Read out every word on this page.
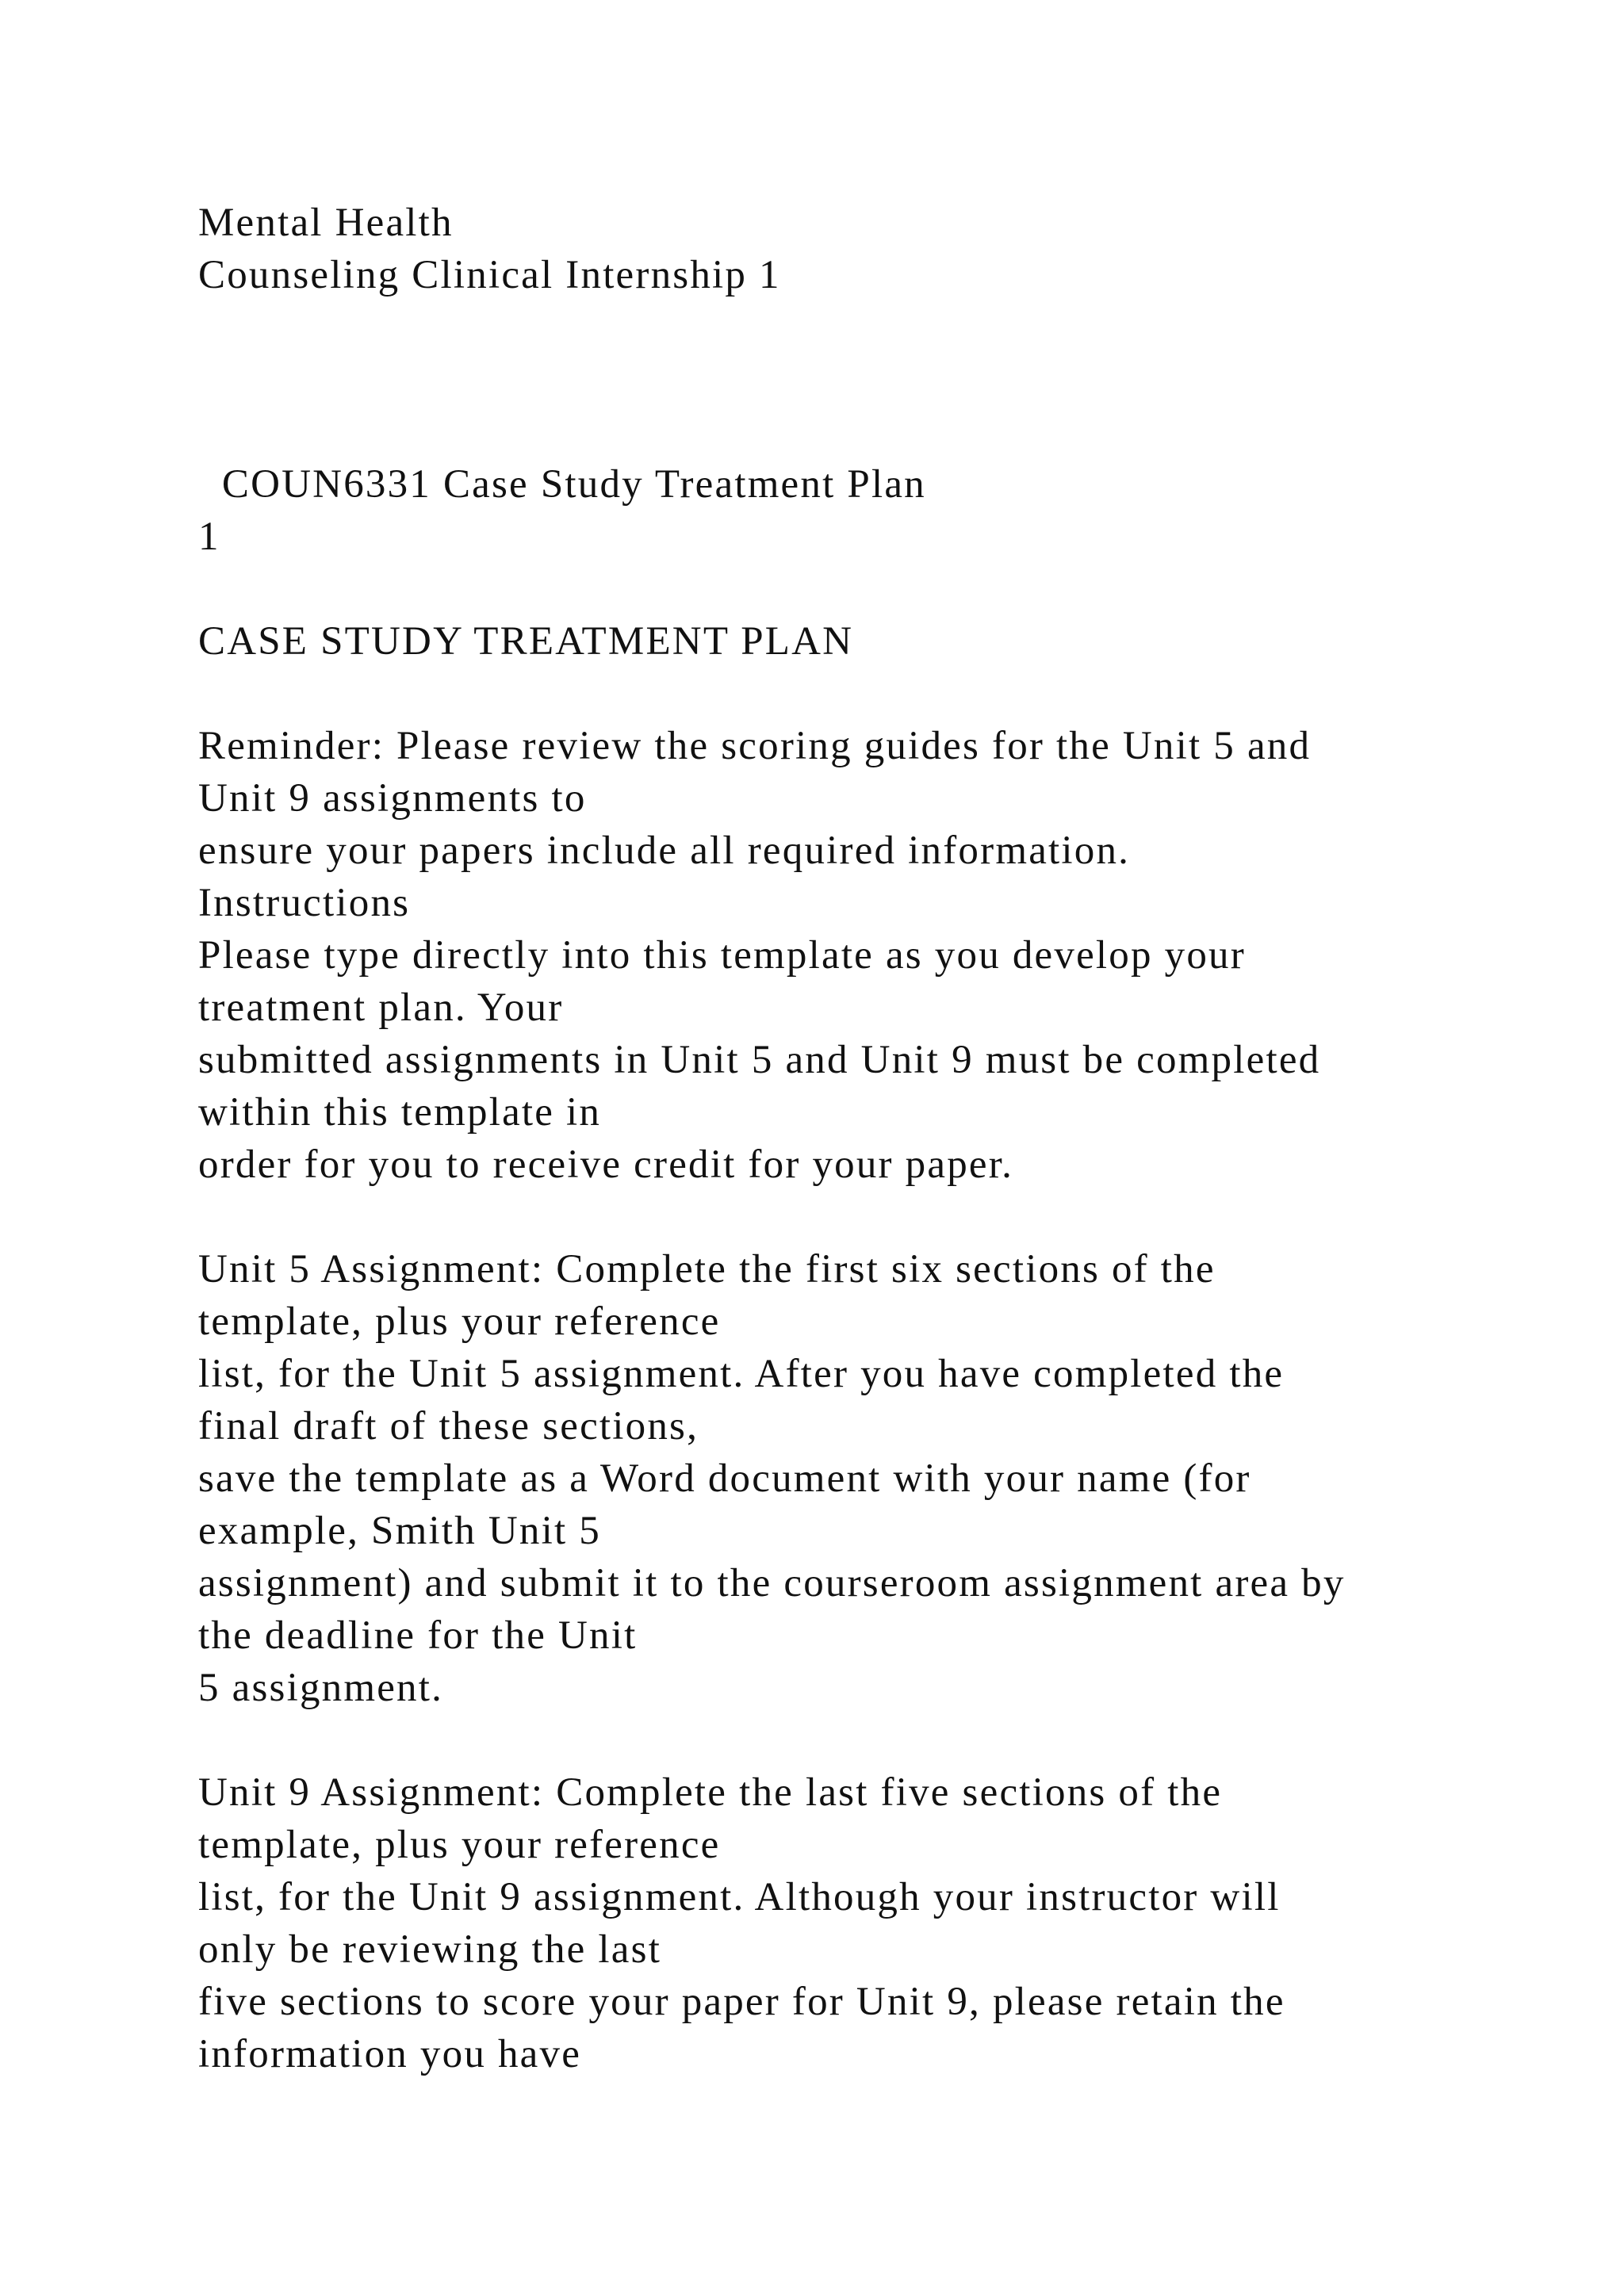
Mental Health
Counseling Clinical Internship 1
COUN6331 Case Study Treatment Plan
1
CASE STUDY TREATMENT PLAN
Reminder: Please review the scoring guides for the Unit 5 and
Unit 9 assignments to
ensure your papers include all required information.
Instructions
Please type directly into this template as you develop your
treatment plan. Your
submitted assignments in Unit 5 and Unit 9 must be completed
within this template in
order for you to receive credit for your paper.
Unit 5 Assignment: Complete the first six sections of the
template, plus your reference
list, for the Unit 5 assignment. After you have completed the
final draft of these sections,
save the template as a Word document with your name (for
example, Smith Unit 5
assignment) and submit it to the courseroom assignment area by
the deadline for the Unit
5 assignment.
Unit 9 Assignment: Complete the last five sections of the
template, plus your reference
list, for the Unit 9 assignment. Although your instructor will
only be reviewing the last
five sections to score your paper for Unit 9, please retain the
information you have
